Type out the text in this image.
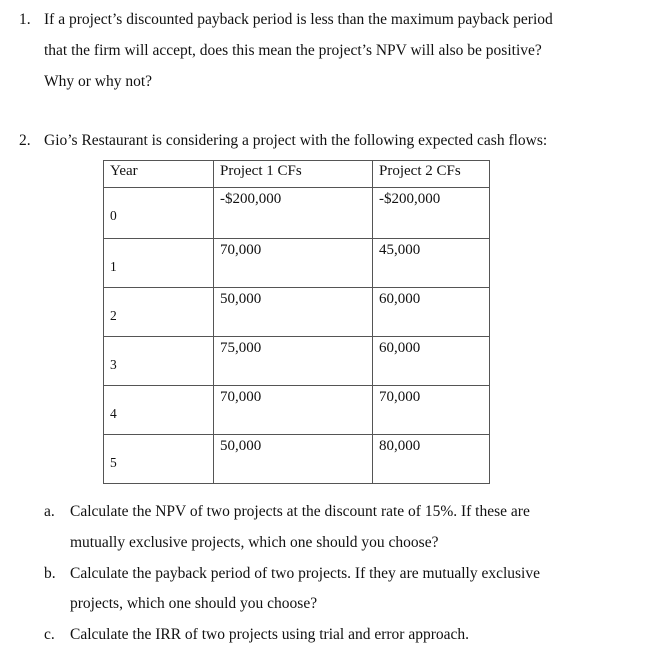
1. If a project’s discounted payback period is less than the maximum payback period
that the firm will accept, does this mean the project’s NPV will also be positive?
Why or why not?
2. Gio’s Restaurant is considering a project with the following expected cash flows:
Year	Project 1 CFs	Project 2 CFs

0	-$200,000	-$200,000

1	70,000	45,000

2	50,000	60,000

3	75,000	60,000

4	70,000	70,000

5	50,000	80,000
a. Calculate the NPV of two projects at the discount rate of 15%. If these are
mutually exclusive projects, which one should you choose?
b. Calculate the payback period of two projects. If they are mutually exclusive
projects, which one should you choose?
c. Calculate the IRR of two projects using trial and error approach.
